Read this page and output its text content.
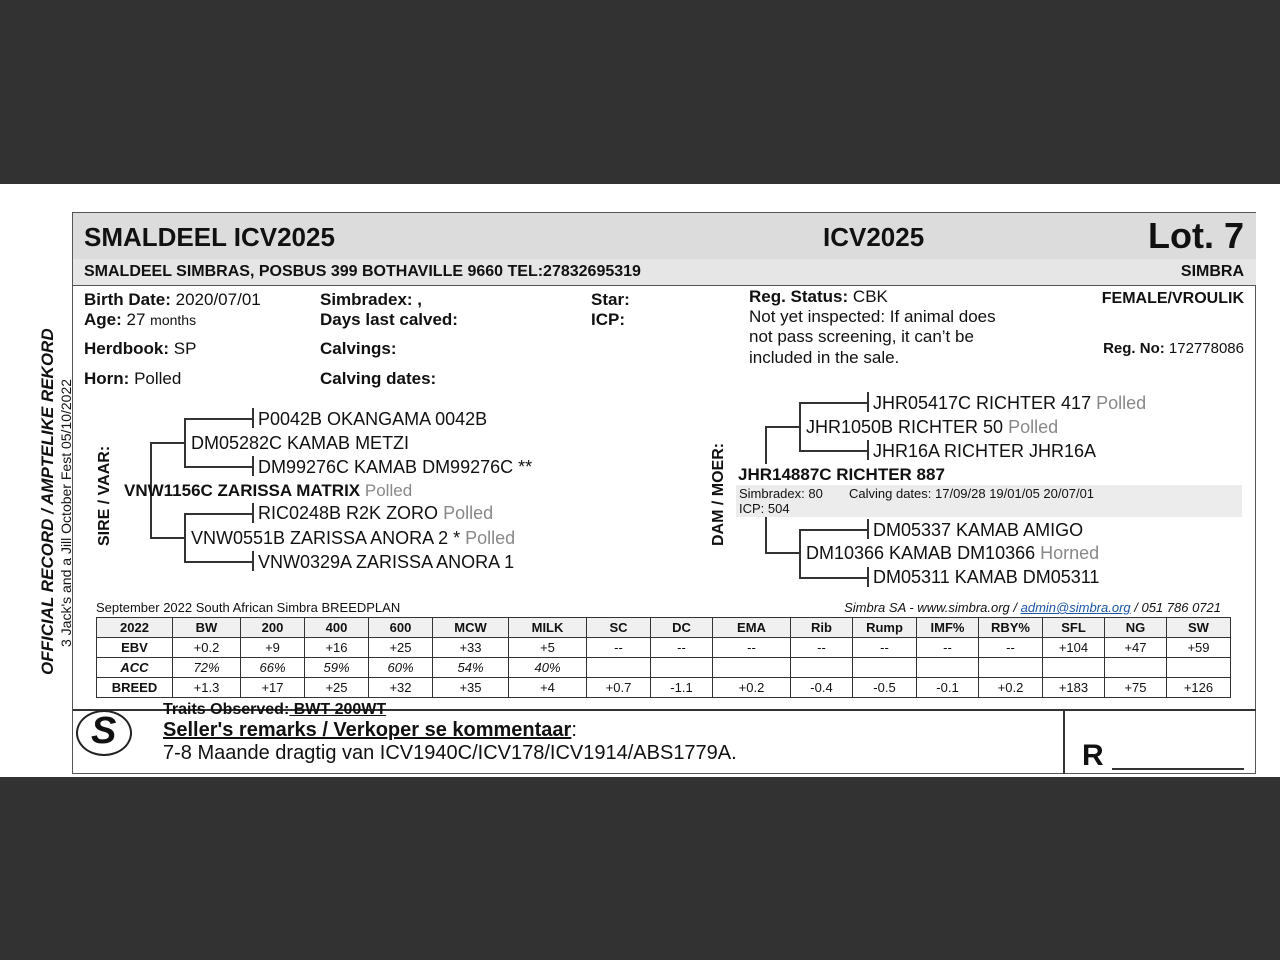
SMALDEEL ICV2025	ICV2025	Lot. 7
SMALDEEL SIMBRAS, POSBUS 399 BOTHAVILLE 9660 TEL:27832695319	SIMBRA
OFFICIAL RECORD / AMPTELIKE REKORD 3 Jack's and a Jill October Fest 05/10/2022
Birth Date: 2020/07/01
Age: 27 months
Herdbook: SP
Horn: Polled
Simbradex: ,
Days last calved:
Calvings:
Calving dates:
Star:
ICP:
Reg. Status: CBK
Not yet inspected: If animal does
not pass screening, it can’t be
included in the sale.
FEMALE/VROULIK
Reg. No: 172778086
SIRE / VAAR:
P0042B OKANGAMA 0042B
DM05282C KAMAB METZI
DM99276C KAMAB DM99276C **
VNW1156C ZARISSA MATRIX Polled
RIC0248B R2K ZORO Polled
VNW0551B ZARISSA ANORA 2 * Polled
VNW0329A ZARISSA ANORA 1
DAM / MOER:
JHR05417C RICHTER 417 Polled
JHR1050B RICHTER 50 Polled
JHR16A RICHTER JHR16A
JHR14887C RICHTER 887
Simbradex: 80 Calving dates: 17/09/28 19/01/05 20/07/01
ICP: 504
DM05337 KAMAB AMIGO
DM10366 KAMAB DM10366 Horned
DM05311 KAMAB DM05311
September 2022 South African Simbra BREEDPLAN	Simbra SA - www.simbra.org / admin@simbra.org / 051 786 0721
2022	BW	200	400	600	MCW	MILK	SC	DC	EMA	Rib	Rump	IMF%	RBY%	SFL	NG	SW
EBV	+0.2	+9	+16	+25	+33	+5	--	--	--	--	--	--	--	+104	+47	+59
ACC	72%	66%	59%	60%	54%	40%										
BREED	+1.3	+17	+25	+32	+35	+4	+0.7	-1.1	+0.2	-0.4	-0.5	-0.1	+0.2	+183	+75	+126
S
Traits Observed: BWT 200WT
Seller's remarks / Verkoper se kommentaar:
7-8 Maande dragtig van ICV1940C/ICV178/ICV1914/ABS1779A.	R
